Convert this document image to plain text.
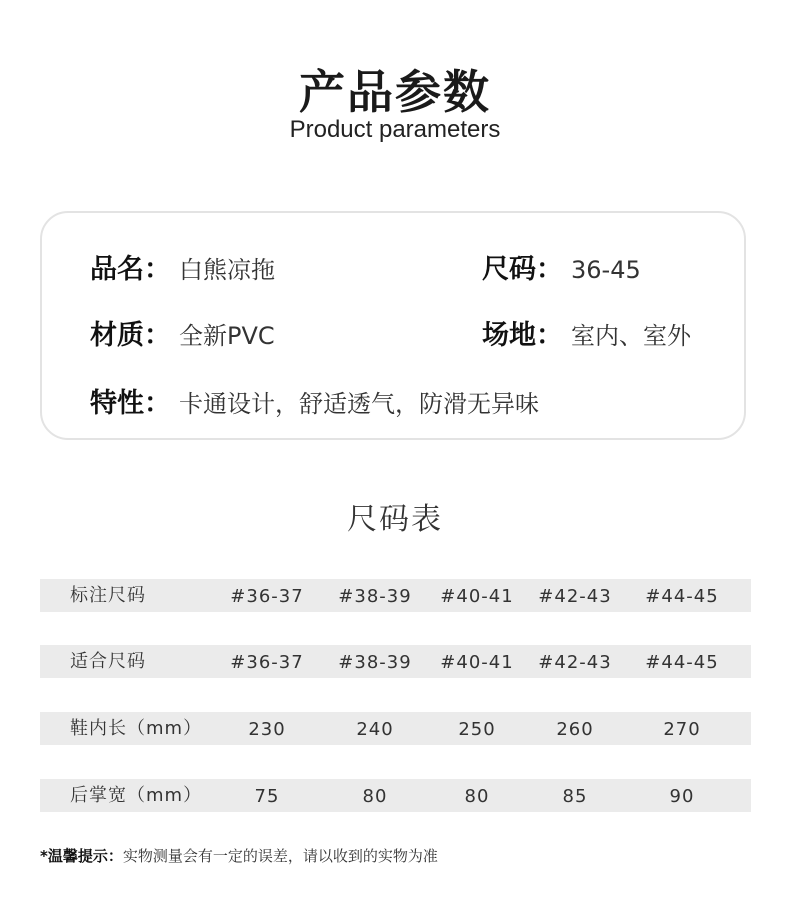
产品参数
Product parameters
品名： 白熊凉拖	尺码： 36-45
材质： 全新PVC	场地： 室内、室外
特性： 卡通设计，舒适透气，防滑无异味
尺码表
标注尺码	#36-37	#38-39	#40-41	#42-43	#44-45
适合尺码	#36-37	#38-39	#40-41	#42-43	#44-45
鞋内长（mm）	230	240	250	260	270
后掌宽（mm）	75	80	80	85	90
*温馨提示：实物测量会有一定的误差，请以收到的实物为准
